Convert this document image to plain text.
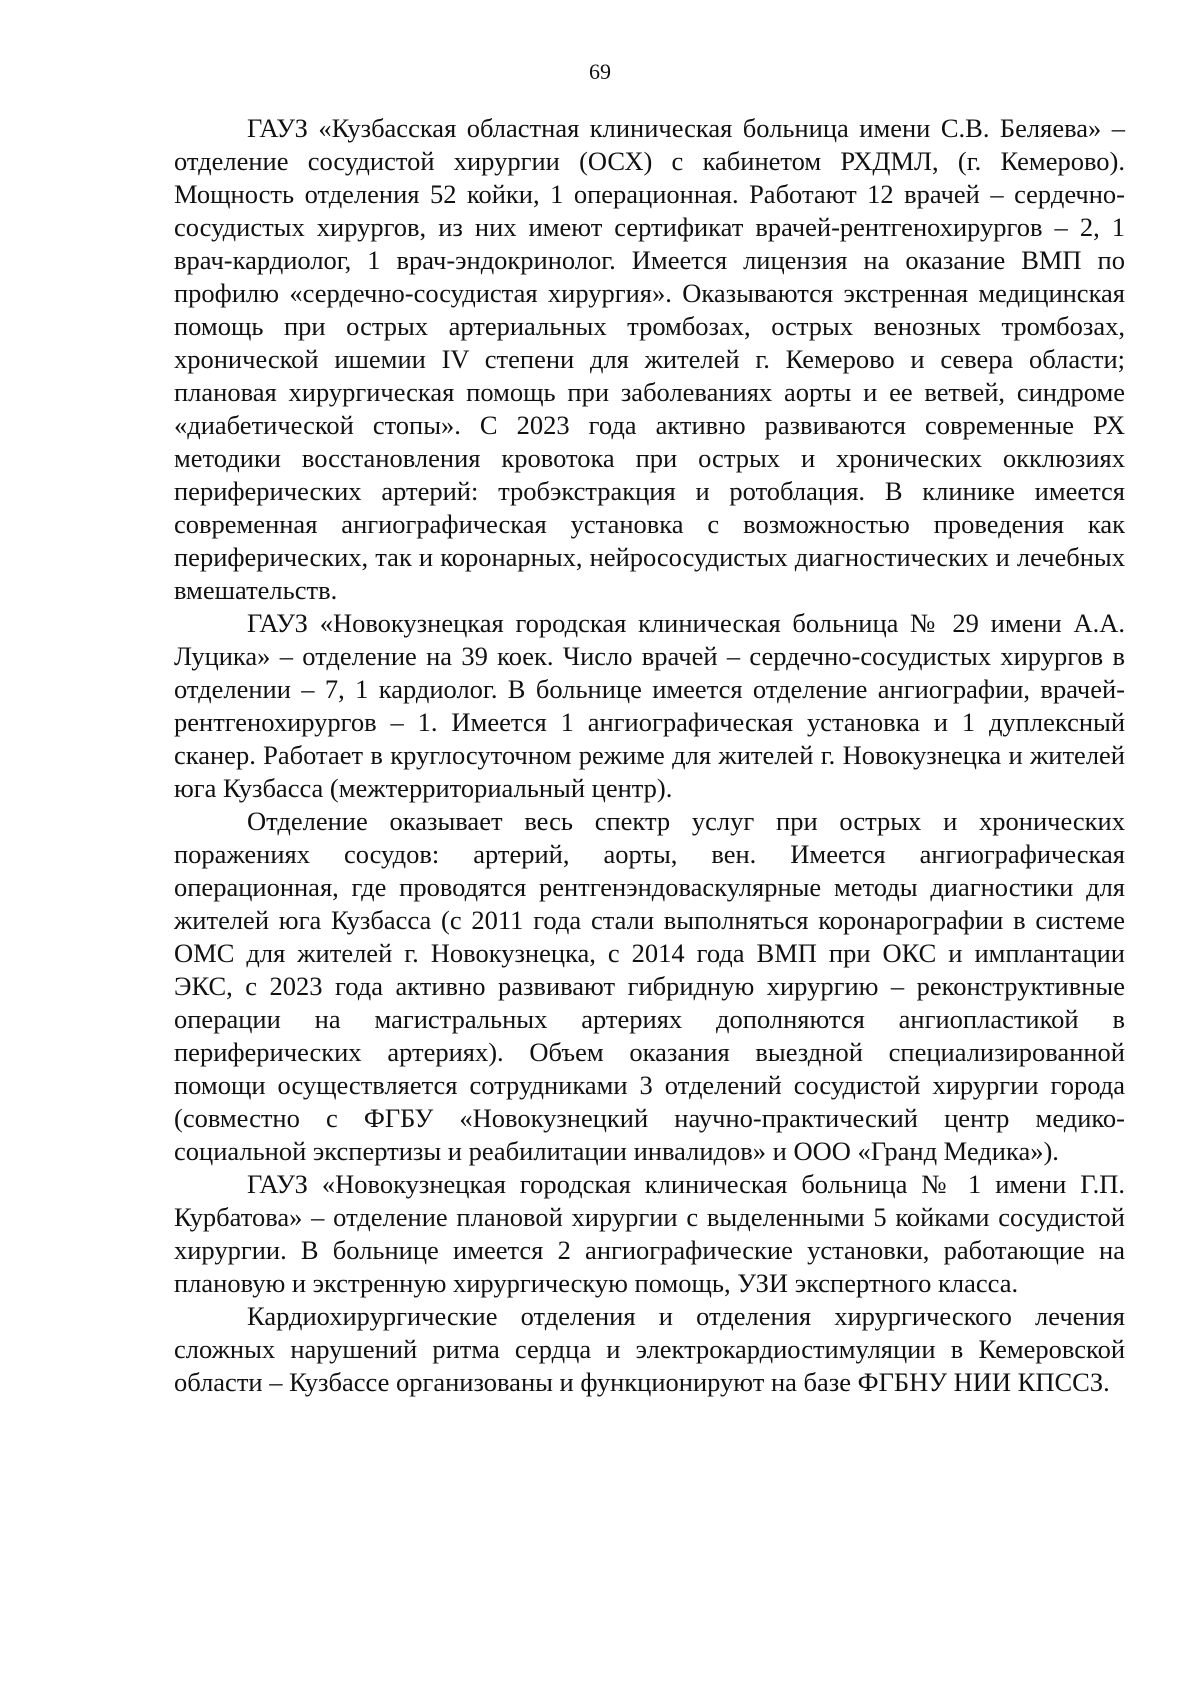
69

ГАУЗ «Кузбасская областная клиническая больница имени С.В. Беляева» – отделение сосудистой хирургии (ОСХ) с кабинетом РХДМЛ, (г. Кемерово). Мощность отделения 52 койки, 1 операционная. Работают 12 врачей – сердечно-сосудистых хирургов, из них имеют сертификат врачей-рентгенохирургов – 2, 1 врач-кардиолог, 1 врач-эндокринолог. Имеется лицензия на оказание ВМП по профилю «сердечно-сосудистая хирургия». Оказываются экстренная медицинская помощь при острых артериальных тромбозах, острых венозных тромбозах, хронической ишемии IV степени для жителей г. Кемерово и севера области; плановая хирургическая помощь при заболеваниях аорты и ее ветвей, синдроме «диабетической стопы». С 2023 года активно развиваются современные РХ методики восстановления кровотока при острых и хронических окклюзиях периферических артерий: тробэкстракция и ротоблация. В клинике имеется современная ангиографическая установка с возможностью проведения как периферических, так и коронарных, нейрососудистых диагностических и лечебных вмешательств.

ГАУЗ «Новокузнецкая городская клиническая больница № 29 имени А.А. Луцика» – отделение на 39 коек. Число врачей – сердечно-сосудистых хирургов в отделении – 7, 1 кардиолог. В больнице имеется отделение ангиографии, врачей-рентгенохирургов – 1. Имеется 1 ангиографическая установка и 1 дуплексный сканер. Работает в круглосуточном режиме для жителей г. Новокузнецка и жителей юга Кузбасса (межтерриториальный центр).

Отделение оказывает весь спектр услуг при острых и хронических поражениях сосудов: артерий, аорты, вен. Имеется ангиографическая операционная, где проводятся рентгенэндоваскулярные методы диагностики для жителей юга Кузбасса (с 2011 года стали выполняться коронарографии в системе ОМС для жителей г. Новокузнецка, с 2014 года ВМП при ОКС и имплантации ЭКС, с 2023 года активно развивают гибридную хирургию – реконструктивные операции на магистральных артериях дополняются ангиопластикой в периферических артериях). Объем оказания выездной специализированной помощи осуществляется сотрудниками 3 отделений сосудистой хирургии города (совместно с ФГБУ «Новокузнецкий научно-практический центр медико-социальной экспертизы и реабилитации инвалидов» и ООО «Гранд Медика»).

ГАУЗ «Новокузнецкая городская клиническая больница № 1 имени Г.П. Курбатова» – отделение плановой хирургии с выделенными 5 койками сосудистой хирургии. В больнице имеется 2 ангиографические установки, работающие на плановую и экстренную хирургическую помощь, УЗИ экспертного класса.

Кардиохирургические отделения и отделения хирургического лечения сложных нарушений ритма сердца и электрокардиостимуляции в Кемеровской области – Кузбассе организованы и функционируют на базе ФГБНУ НИИ КПССЗ.
